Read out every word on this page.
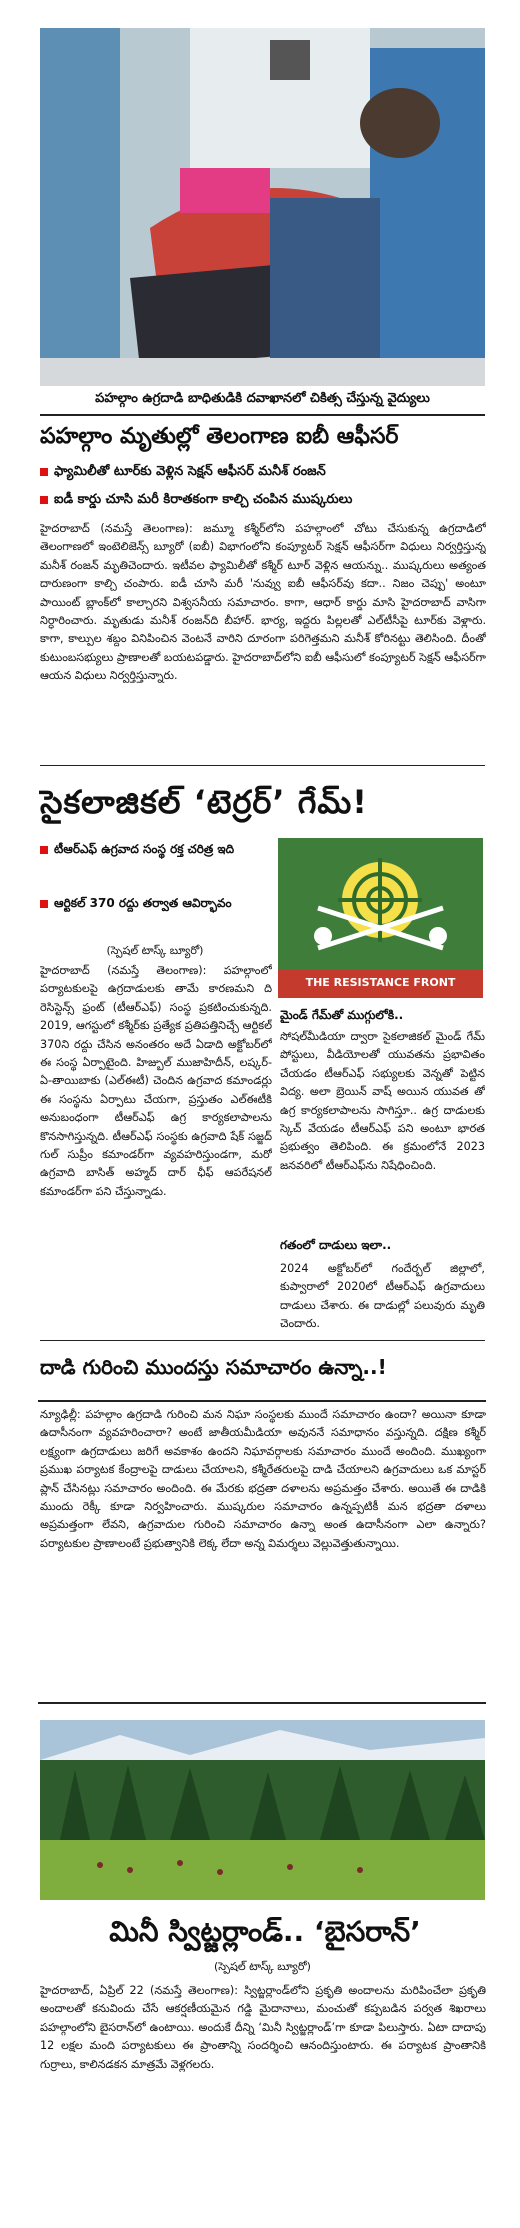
పహల్గాం ఉగ్రదాడి బాధితుడికి దవాఖానలో చికిత్స చేస్తున్న వైద్యులు
పహల్గాం మృతుల్లో తెలంగాణ ఐబీ ఆఫీసర్
ఫ్యామిలీతో టూర్‌కు వెళ్లిన సెక్షన్ ఆఫీసర్ మనీశ్ రంజన్
ఐడీ కార్డు చూసి మరీ కిరాతకంగా కాల్చి చంపిన ముష్కరులు
హైదరాబాద్ (నమస్తే తెలంగాణ): జమ్మూ కశ్మీర్‌లోని పహల్గాంలో చోటు చేసుకున్న ఉగ్రదాడిలో తెలంగాణలో ఇంటెలిజెన్స్ బ్యూరో (ఐబీ) విభాగంలోని కంప్యూటర్ సెక్షన్ ఆఫీసర్‌గా విధులు నిర్వర్తిస్తున్న మనీశ్ రంజన్ మృతిచెందారు. ఇటీవల ఫ్యామిలీతో కశ్మీర్ టూర్ వెళ్లిన ఆయన్ను.. ముష్కరులు అత్యంత దారుణంగా కాల్చి చంపారు. ఐడీ చూసి మరీ 'నువ్వు ఐబీ ఆఫీసర్‌వు కదా.. నిజం చెప్పు' అంటూ పాయింట్ బ్లాంక్‌లో కాల్చారని విశ్వసనీయ సమాచారం. కాగా, ఆధార్ కార్డు మాసి హైదరాబాద్ వాసిగా నిర్ధారించారు. మృతుడు మనీశ్ రంజన్‌ది బీహార్. భార్య, ఇద్దరు పిల్లలతో ఎల్‌టీసీపై టూర్‌కు వెళ్లారు. కాగా, కాల్పుల శబ్దం వినిపించిన వెంటనే వారిని దూరంగా పరిగెత్తమని మనీశ్ కోరినట్టు తెలిసింది. దీంతో కుటుంబసభ్యులు ప్రాణాలతో బయటపడ్డారు. హైదరాబాద్‌లోని ఐబీ ఆఫీసులో కంప్యూటర్ సెక్షన్ ఆఫీసర్‌గా ఆయన విధులు నిర్వర్తిస్తున్నారు.
సైకలాజికల్ ‘టెర్రర్’ గేమ్!
టీఆర్‌ఎఫ్ ఉగ్రవాద సంస్థ రక్త చరిత్ర ఇది
ఆర్టికల్ 370 రద్దు తర్వాత ఆవిర్భావం
(స్పెషల్ టాస్క్ బ్యూరో)
THE RESISTANCE FRONT
హైదరాబాద్ (నమస్తే తెలంగాణ): పహల్గాంలో పర్యాటకులపై ఉగ్రదాడులకు తామే కారణమని ది రెసిస్టెన్స్ ఫ్రంట్ (టీఆర్‌ఎఫ్) సంస్థ ప్రకటించుకున్నది. 2019, ఆగస్టులో కశ్మీర్‌కు ప్రత్యేక ప్రతిపత్తినిచ్చే ఆర్టికల్ 370ని రద్దు చేసిన అనంతరం అదే ఏడాది అక్టోబర్‌లో ఈ సంస్థ ఏర్పాటైంది. హిజ్బుల్ ముజాహిదీన్, లష్కర్-ఏ-తాయిబాకు (ఎల్‌ఈటీ) చెందిన ఉగ్రవాద కమాండర్లు ఈ సంస్థను ఏర్పాటు చేయగా, ప్రస్తుతం ఎల్‌ఈటీకి అనుబంధంగా టీఆర్‌ఎఫ్ ఉగ్ర కార్యకలాపాలను కొనసాగిస్తున్నది. టీఆర్‌ఎఫ్ సంస్థకు ఉగ్రవాది షేక్ సజ్జద్ గుల్ సుప్రీం కమాండర్‌గా వ్యవహరిస్తుండగా, మరో ఉగ్రవాది బాసిత్ అహ్మద్ దార్ ఛీఫ్ ఆపరేషనల్ కమాండర్‌గా పని చేస్తున్నాడు.
మైండ్ గేమ్‌తో ముగ్గులోకి..
సోషల్‌మీడియా ద్వారా సైకలాజికల్ మైండ్ గేమ్ పోస్టులు, వీడియోలతో యువతను ప్రభావితం చేయడం టీఆర్‌ఎఫ్ సభ్యులకు వెన్నతో పెట్టిన విద్య. అలా బ్రెయిన్ వాష్ అయిన యువత తో ఉగ్ర కార్యకలాపాలను సాగిస్తూ.. ఉగ్ర దాడులకు స్కెచ్ వేయడం టీఆర్‌ఎఫ్ పని అంటూ భారత ప్రభుత్వం తెలిపింది. ఈ క్రమంలోనే 2023 జనవరిలో టీఆర్‌ఎఫ్‌ను నిషేధించింది.
గతంలో దాడులు ఇలా..
2024 అక్టోబర్‌లో గందేర్బల్ జిల్లాలో, కుప్వారాలో 2020లో టీఆర్‌ఎఫ్ ఉగ్రవాదులు దాడులు చేశారు. ఈ దాడుల్లో పలువురు మృతి చెందారు.
దాడి గురించి ముందస్తు సమాచారం ఉన్నా..!
న్యూఢిల్లీ: పహల్గాం ఉగ్రదాడి గురించి మన నిఘా సంస్థలకు ముందే సమాచారం ఉందా? అయినా కూడా ఉదాసీనంగా వ్యవహరించారా? అంటే జాతీయమీడియా అవుననే సమాధానం వస్తున్నది. దక్షిణ కశ్మీర్ లక్ష్యంగా ఉగ్రదాడులు జరిగే అవకాశం ఉందని నిఘావర్గాలకు సమాచారం ముందే అందింది. ముఖ్యంగా ప్రముఖ పర్యాటక కేంద్రాలపై దాడులు చేయాలని, కశ్మీరేతరులపై దాడి చేయాలని ఉగ్రవాదులు ఒక మాస్టర్ ప్లాన్ చేసినట్లు సమాచారం అందింది. ఈ మేరకు భద్రతా దళాలను అప్రమత్తం చేశారు. అయితే ఈ దాడికి ముందు రెక్కీ కూడా నిర్వహించారు. ముష్కరుల సమాచారం ఉన్నప్పటికీ మన భద్రతా దళాలు అప్రమత్తంగా లేవని, ఉగ్రవాదుల గురించి సమాచారం ఉన్నా అంత ఉదాసీనంగా ఎలా ఉన్నారు? పర్యాటకుల ప్రాణాలంటే ప్రభుత్వానికి లెక్క లేదా అన్న విమర్శలు వెల్లువెత్తుతున్నాయి.
మినీ స్విట్జర్లాండ్.. ‘బైసరాన్’
(స్పెషల్ టాస్క్ బ్యూరో)
హైదరాబాద్, ఏప్రిల్ 22 (నమస్తే తెలంగాణ): స్విట్జర్లాండ్‌లోని ప్రకృతి అందాలను మరిపించేలా ప్రకృతి అందాలతో కనువిందు చేసే ఆకర్షణీయమైన గడ్డి మైదానాలు, మంచుతో కప్పబడిన పర్వత శిఖరాలు పహల్గాంలోని బైసరాన్‌లో ఉంటాయి. అందుకే దీన్ని ‘మినీ స్విట్జర్లాండ్’గా కూడా పిలుస్తారు. ఏటా దాదాపు 12 లక్షల మంది పర్యాటకులు ఈ ప్రాంతాన్ని సందర్శించి ఆనందిస్తుంటారు. ఈ పర్యాటక ప్రాంతానికి గుర్రాలు, కాలినడకన మాత్రమే వెళ్లగలరు.
